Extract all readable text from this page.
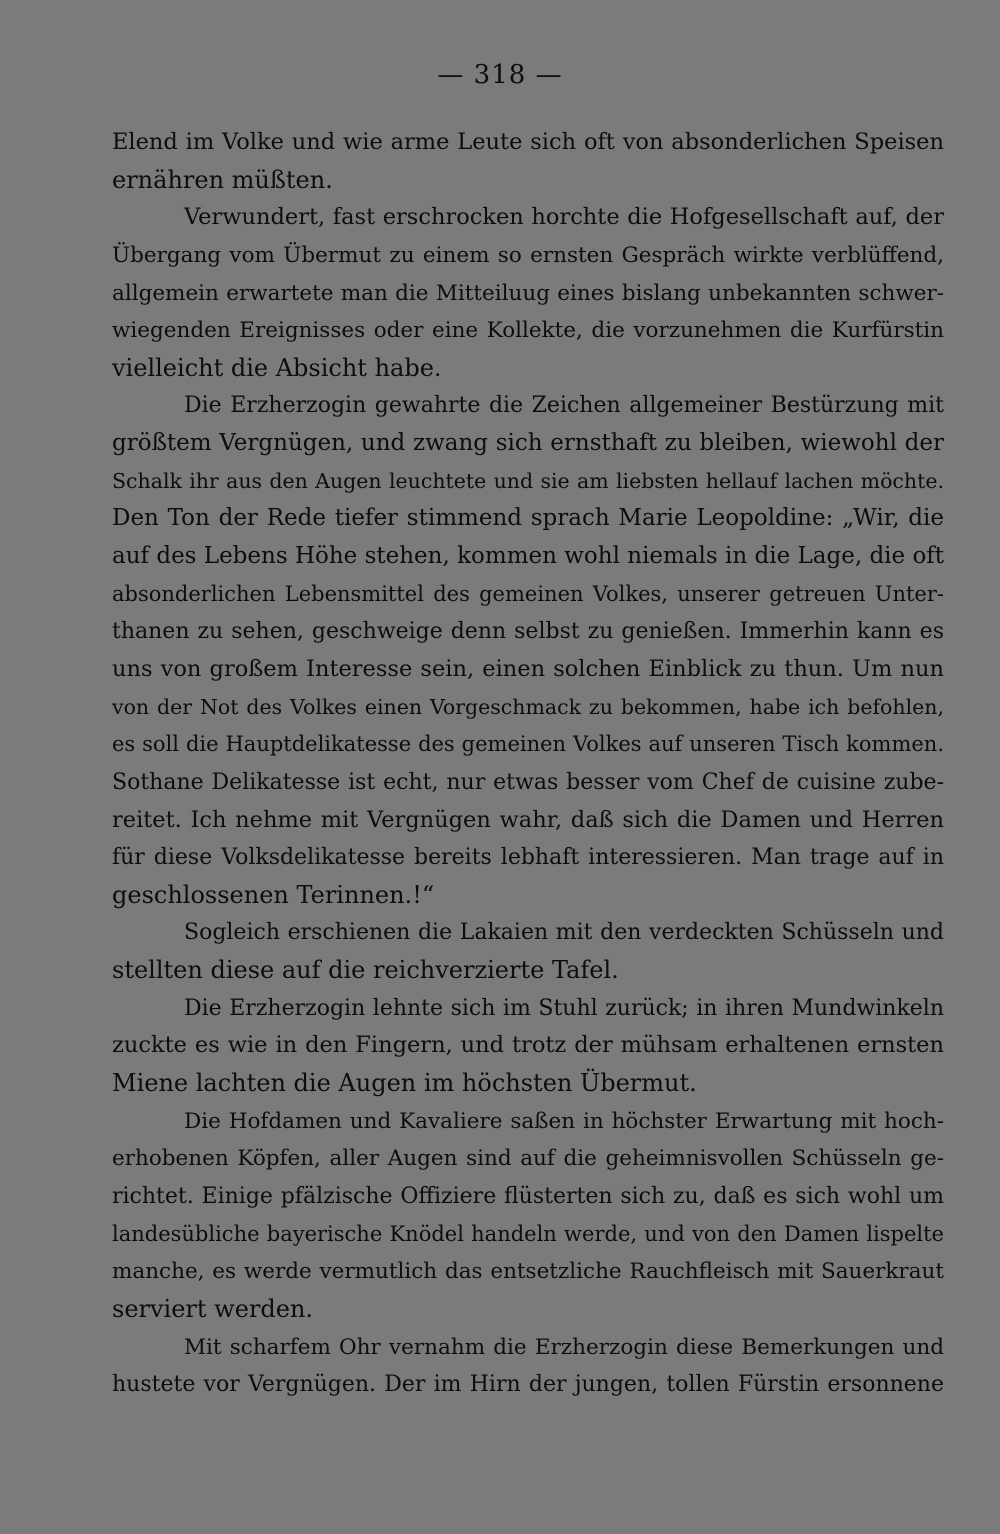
— 318 —
Elend im Volke und wie arme Leute sich oft von absonderlichen Speisen
ernähren müßten.
Verwundert, fast erschrocken horchte die Hofgesellschaft auf, der
Übergang vom Übermut zu einem so ernsten Gespräch wirkte verblüffend,
allgemein erwartete man die Mitteiluug eines bislang unbekannten schwer-
wiegenden Ereignisses oder eine Kollekte, die vorzunehmen die Kurfürstin
vielleicht die Absicht habe.
Die Erzherzogin gewahrte die Zeichen allgemeiner Bestürzung mit
größtem Vergnügen, und zwang sich ernsthaft zu bleiben, wiewohl der
Schalk ihr aus den Augen leuchtete und sie am liebsten hellauf lachen möchte.
Den Ton der Rede tiefer stimmend sprach Marie Leopoldine: „Wir, die
auf des Lebens Höhe stehen, kommen wohl niemals in die Lage, die oft
absonderlichen Lebensmittel des gemeinen Volkes, unserer getreuen Unter-
thanen zu sehen, geschweige denn selbst zu genießen. Immerhin kann es
uns von großem Interesse sein, einen solchen Einblick zu thun. Um nun
von der Not des Volkes einen Vorgeschmack zu bekommen, habe ich befohlen,
es soll die Hauptdelikatesse des gemeinen Volkes auf unseren Tisch kommen.
Sothane Delikatesse ist echt, nur etwas besser vom Chef de cuisine zube-
reitet. Ich nehme mit Vergnügen wahr, daß sich die Damen und Herren
für diese Volksdelikatesse bereits lebhaft interessieren. Man trage auf in
geschlossenen Terinnen.!“
Sogleich erschienen die Lakaien mit den verdeckten Schüsseln und
stellten diese auf die reichverzierte Tafel.
Die Erzherzogin lehnte sich im Stuhl zurück; in ihren Mundwinkeln
zuckte es wie in den Fingern, und trotz der mühsam erhaltenen ernsten
Miene lachten die Augen im höchsten Übermut.
Die Hofdamen und Kavaliere saßen in höchster Erwartung mit hoch-
erhobenen Köpfen, aller Augen sind auf die geheimnisvollen Schüsseln ge-
richtet. Einige pfälzische Offiziere flüsterten sich zu, daß es sich wohl um
landesübliche bayerische Knödel handeln werde, und von den Damen lispelte
manche, es werde vermutlich das entsetzliche Rauchfleisch mit Sauerkraut
serviert werden.
Mit scharfem Ohr vernahm die Erzherzogin diese Bemerkungen und
hustete vor Vergnügen. Der im Hirn der jungen, tollen Fürstin ersonnene
